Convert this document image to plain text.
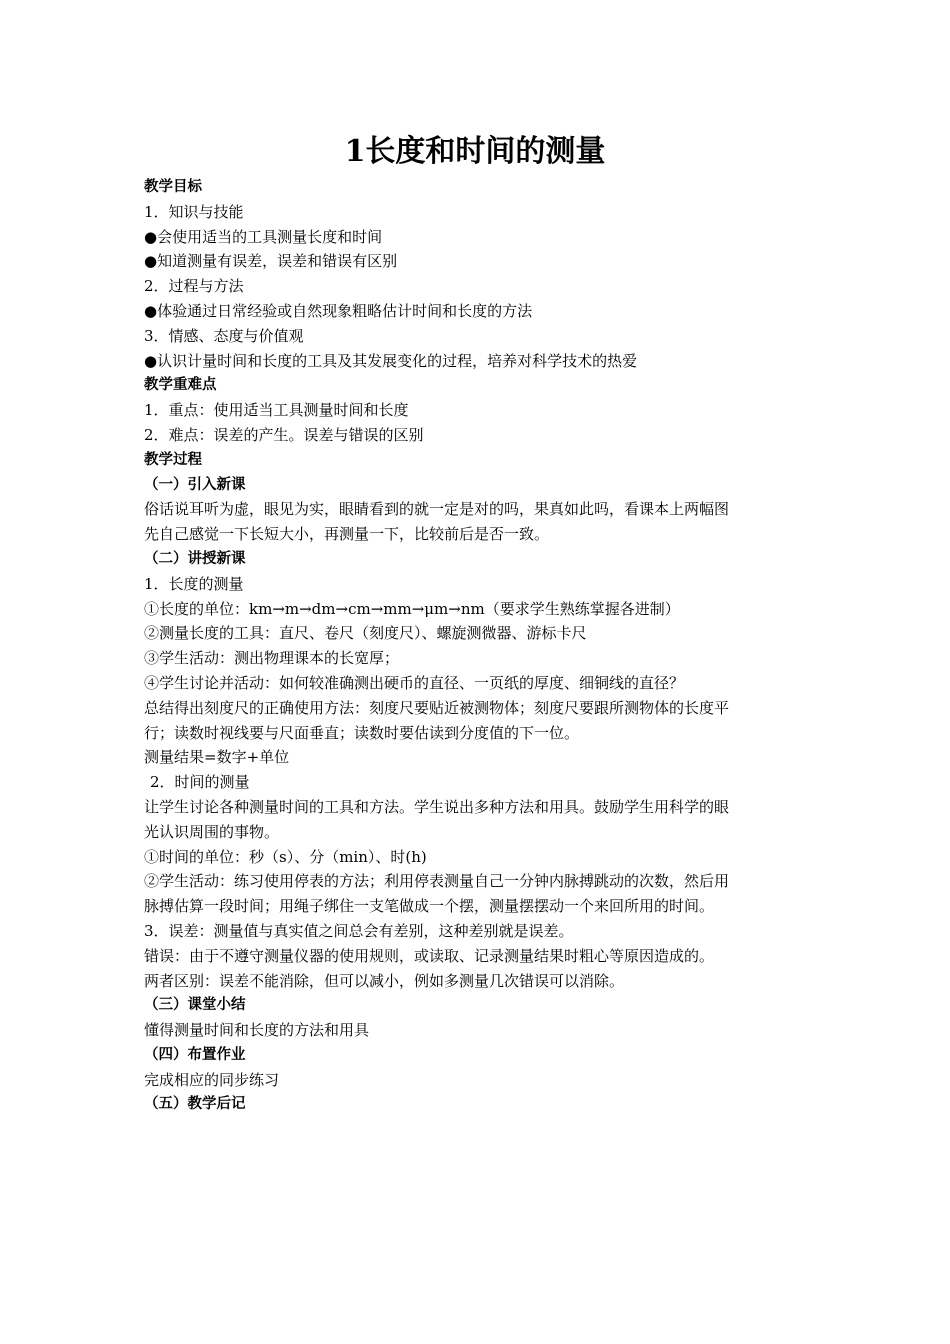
1长度和时间的测量
教学目标
1．知识与技能
●会使用适当的工具测量长度和时间
●知道测量有误差，误差和错误有区别
2．过程与方法
●体验通过日常经验或自然现象粗略估计时间和长度的方法
3．情感、态度与价值观
●认识计量时间和长度的工具及其发展变化的过程，培养对科学技术的热爱
教学重难点
1．重点：使用适当工具测量时间和长度
2．难点：误差的产生。误差与错误的区别
教学过程
（一）引入新课
俗话说耳听为虚，眼见为实，眼睛看到的就一定是对的吗，果真如此吗，看课本上两幅图
先自己感觉一下长短大小，再测量一下，比较前后是否一致。
（二）讲授新课
1．长度的测量
①长度的单位：km→m→dm→cm→mm→μm→nm（要求学生熟练掌握各进制）
②测量长度的工具：直尺、卷尺（刻度尺）、螺旋测微器、游标卡尺
③学生活动：测出物理课本的长宽厚；
④学生讨论并活动：如何较准确测出硬币的直径、一页纸的厚度、细铜线的直径？
总结得出刻度尺的正确使用方法：刻度尺要贴近被测物体；刻度尺要跟所测物体的长度平
行；读数时视线要与尺面垂直；读数时要估读到分度值的下一位。
测量结果=数字+单位
2．时间的测量
让学生讨论各种测量时间的工具和方法。学生说出多种方法和用具。鼓励学生用科学的眼
光认识周围的事物。
①时间的单位：秒（s）、分（min）、时(h)
②学生活动：练习使用停表的方法；利用停表测量自己一分钟内脉搏跳动的次数，然后用
脉搏估算一段时间；用绳子绑住一支笔做成一个摆，测量摆摆动一个来回所用的时间。
3．误差：测量值与真实值之间总会有差别，这种差别就是误差。
错误：由于不遵守测量仪器的使用规则，或读取、记录测量结果时粗心等原因造成的。
两者区别：误差不能消除，但可以减小，例如多测量几次错误可以消除。
（三）课堂小结
懂得测量时间和长度的方法和用具
（四）布置作业
完成相应的同步练习
（五）教学后记
